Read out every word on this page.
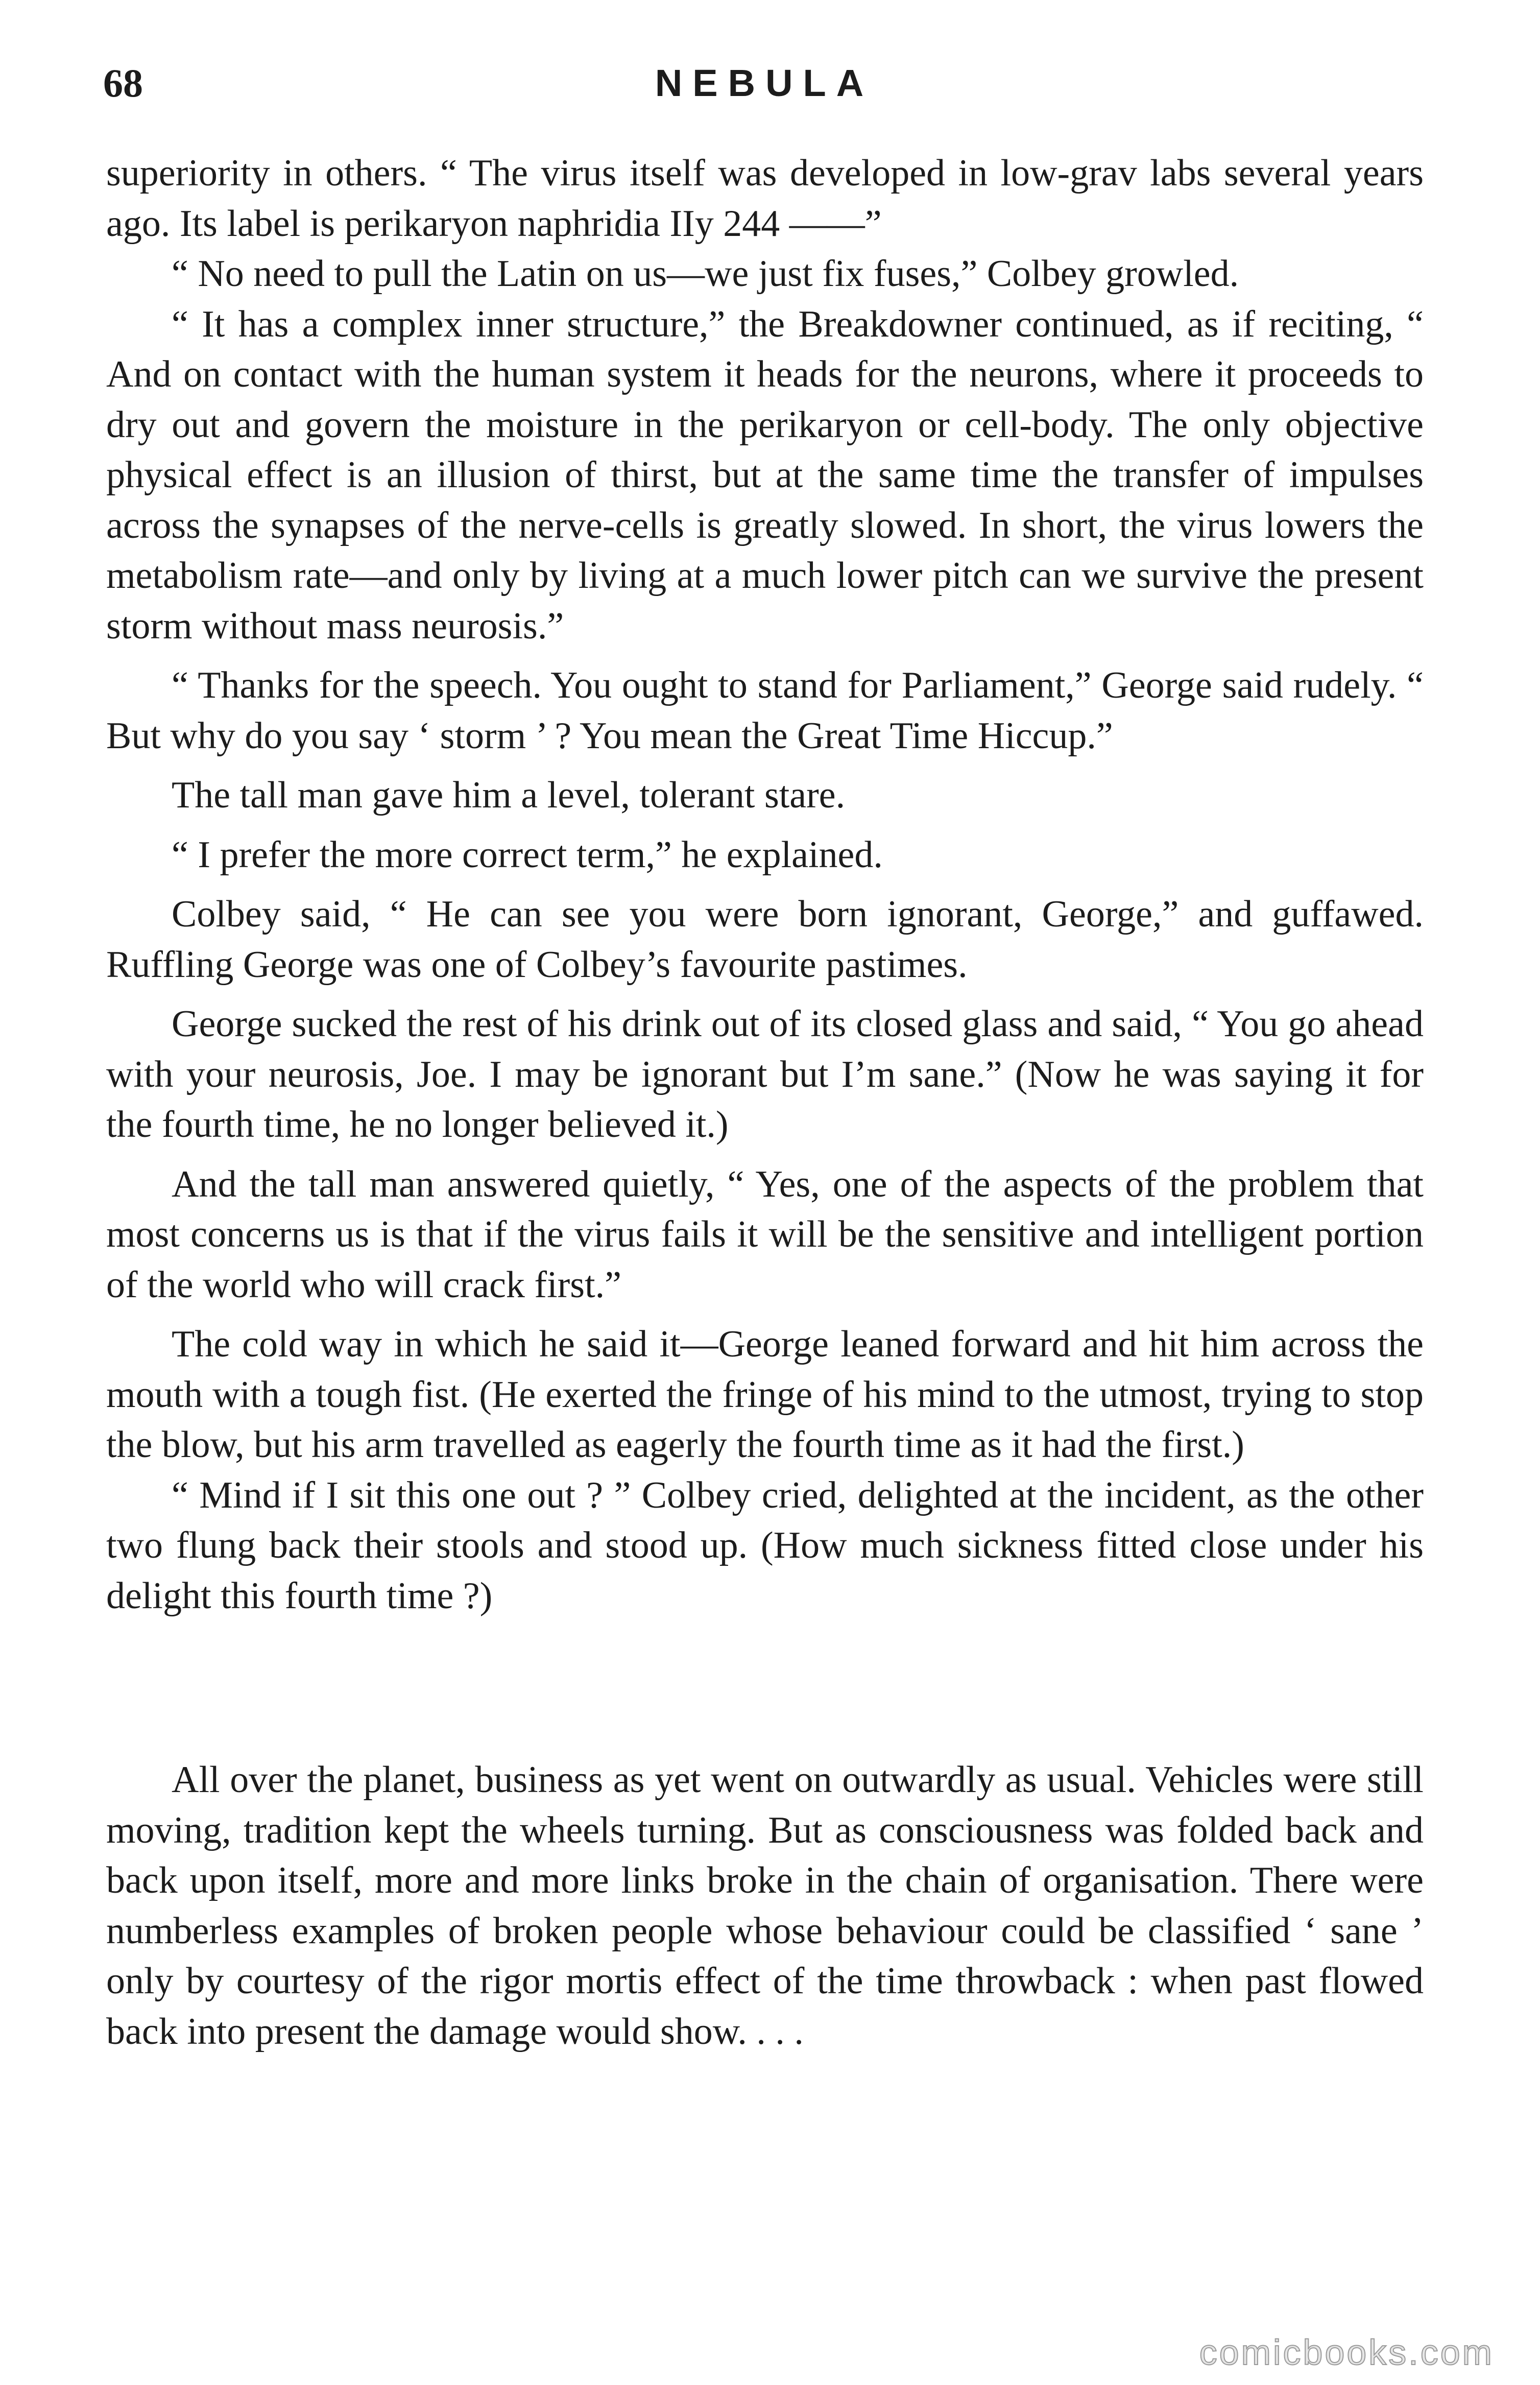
68	NEBULA

superiority in others. “ The virus itself was developed in low-grav labs several years ago. Its label is perikaryon naphridia IIy 244 ——”

“ No need to pull the Latin on us—we just fix fuses,” Colbey growled.

“ It has a complex inner structure,” the Breakdowner continued, as if reciting, “ And on contact with the human system it heads for the neurons, where it proceeds to dry out and govern the moisture in the perikaryon or cell-body. The only objective physical effect is an illusion of thirst, but at the same time the transfer of impulses across the synapses of the nerve-cells is greatly slowed. In short, the virus lowers the metabolism rate—and only by living at a much lower pitch can we survive the present storm without mass neurosis.”

“ Thanks for the speech. You ought to stand for Parliament,” George said rudely. “ But why do you say ‘ storm ’ ? You mean the Great Time Hiccup.”

The tall man gave him a level, tolerant stare.

“ I prefer the more correct term,” he explained.

Colbey said, “ He can see you were born ignorant, George,” and guffawed. Ruffling George was one of Colbey’s favourite pastimes.

George sucked the rest of his drink out of its closed glass and said, “ You go ahead with your neurosis, Joe. I may be ignorant but I’m sane.” (Now he was saying it for the fourth time, he no longer believed it.)

And the tall man answered quietly, “ Yes, one of the aspects of the problem that most concerns us is that if the virus fails it will be the sensitive and intelligent portion of the world who will crack first.”

The cold way in which he said it—George leaned forward and hit him across the mouth with a tough fist. (He exerted the fringe of his mind to the utmost, trying to stop the blow, but his arm travelled as eagerly the fourth time as it had the first.)

“ Mind if I sit this one out ? ” Colbey cried, delighted at the incident, as the other two flung back their stools and stood up. (How much sickness fitted close under his delight this fourth time ?)

All over the planet, business as yet went on outwardly as usual. Vehicles were still moving, tradition kept the wheels turning. But as consciousness was folded back and back upon itself, more and more links broke in the chain of organisation. There were numberless examples of broken people whose behaviour could be classified ‘ sane ’ only by courtesy of the rigor mortis effect of the time throwback : when past flowed back into present the damage would show. . . .

comicbooks.com
